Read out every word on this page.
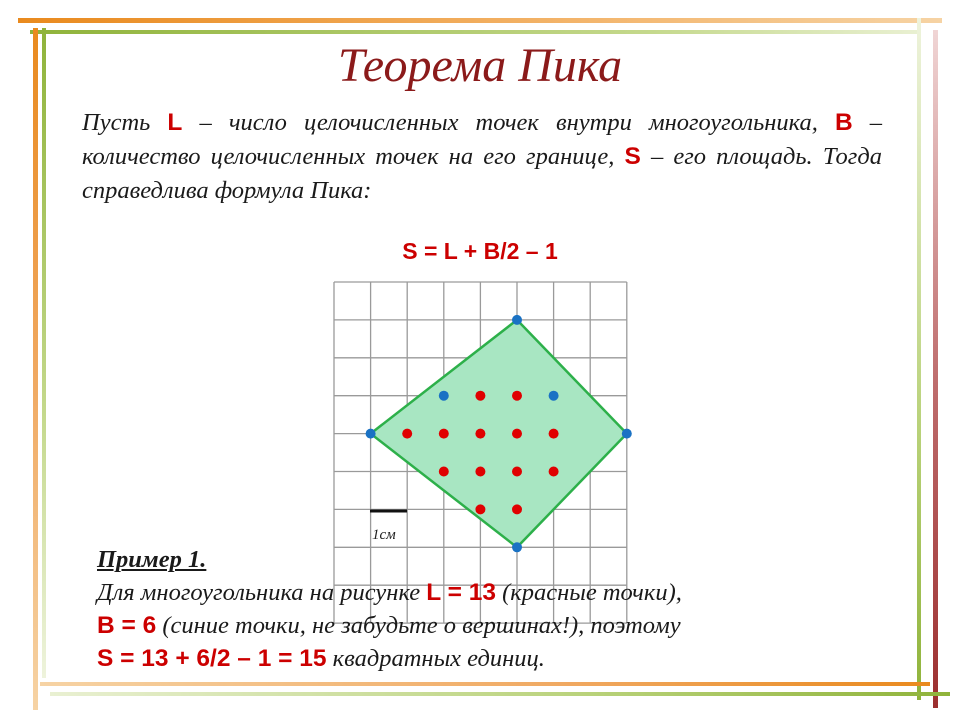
Теорема Пика
Пусть L – число целочисленных точек внутри многоугольника, B – количество целочисленных точек на его границе, S – его площадь. Тогда справедлива формула Пика:
S = L + B/2 – 1
1см
Пример 1.
Для многоугольника на рисунке L = 13 (красные точки),
B = 6 (синие точки, не забудьте о вершинах!), поэтому
S = 13 + 6/2 – 1 = 15 квадратных единиц.
